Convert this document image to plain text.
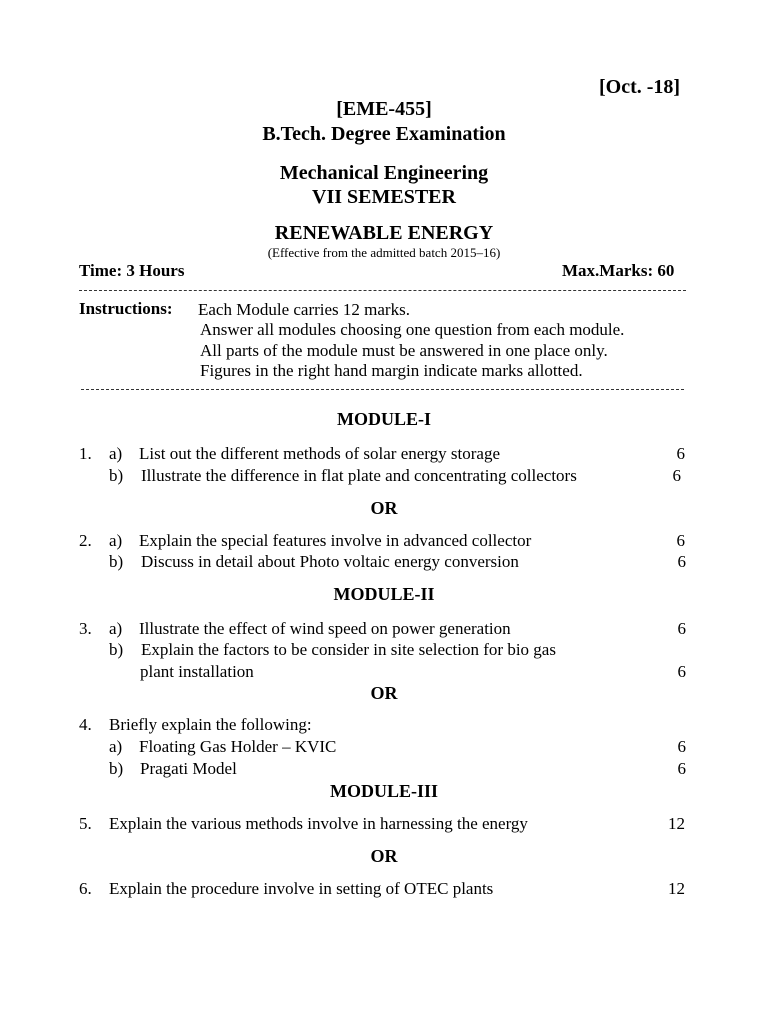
[Oct. -18]
[EME-455]
B.Tech. Degree Examination
Mechanical Engineering
VII SEMESTER
RENEWABLE ENERGY
(Effective from the admitted batch 2015–16)
Time: 3 Hours	Max.Marks: 60
Instructions: Each Module carries 12 marks.
Answer all modules choosing one question from each module.
All parts of the module must be answered in one place only.
Figures in the right hand margin indicate marks allotted.
MODULE-I
1. a) List out the different methods of solar energy storage	6
b) Illustrate the difference in flat plate and concentrating collectors	6
OR
2. a) Explain the special features involve in advanced collector	6
b) Discuss in detail about Photo voltaic energy conversion	6
MODULE-II
3. a) Illustrate the effect of wind speed on power generation	6
b) Explain the factors to be consider in site selection for bio gas
plant installation	6
OR
4. Briefly explain the following:
a) Floating Gas Holder – KVIC	6
b) Pragati Model	6
MODULE-III
5. Explain the various methods involve in harnessing the energy	12
OR
6. Explain the procedure involve in setting of OTEC plants	12
